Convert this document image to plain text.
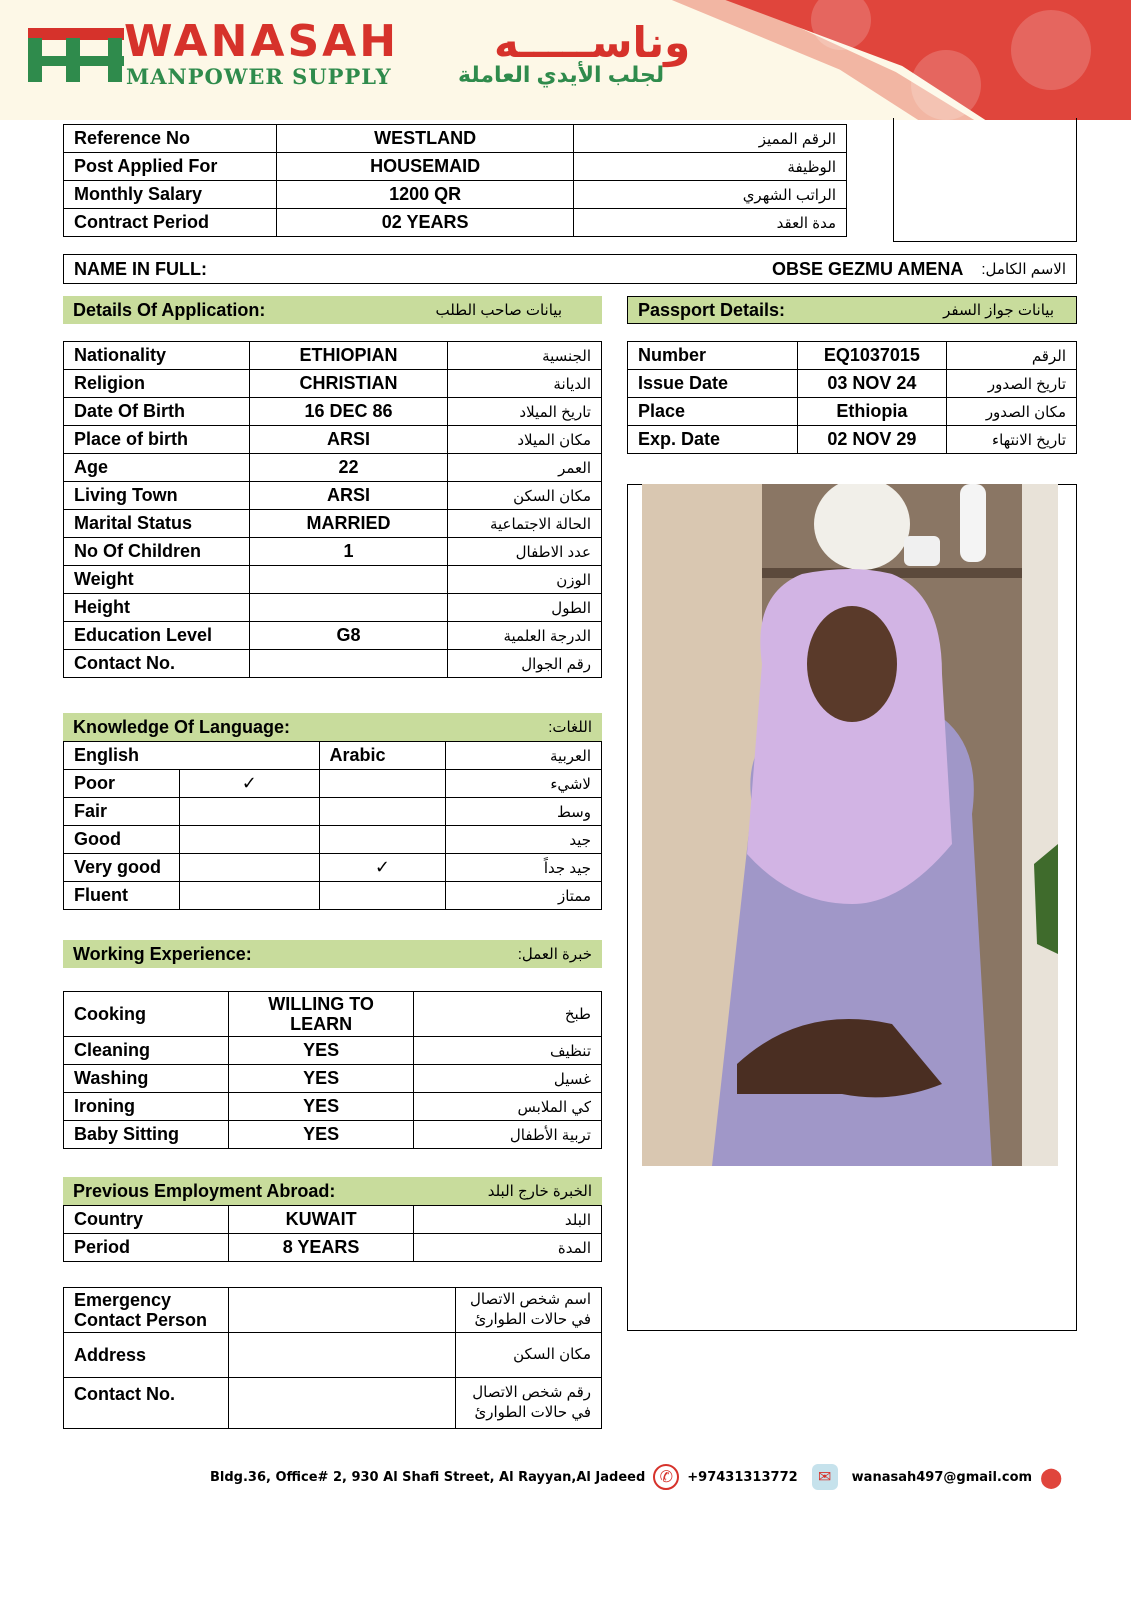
WANASAH وناســـــه
MANPOWER SUPPLY	لجلب الأيدي العاملة
Reference No	WESTLAND	الرقم المميز
Post Applied For	HOUSEMAID	الوظيفة
Monthly Salary	1200 QR	الراتب الشهري
Contract Period	02 YEARS	مدة العقد
NAME IN FULL:	OBSE GEZMU AMENA الاسم الكامل:
Details Of Application:	بيانات صاحب الطلب
Nationality	ETHIOPIAN	الجنسية
Religion	CHRISTIAN	الديانة
Date Of Birth	16 DEC 86	تاريخ الميلاد
Place of birth	ARSI	مكان الميلاد
Age	22	العمر
Living Town	ARSI	مكان السكن
Marital Status	MARRIED	الحالة الاجتماعية
No Of Children	1	عدد الاطفال
Weight		الوزن
Height		الطول
Education Level	G8	الدرجة العلمية
Contact No.		رقم الجوال
Passport Details:	بيانات جواز السفر
Number	EQ1037015	الرقم
Issue Date	03 NOV 24	تاريخ الصدور
Place	Ethiopia	مكان الصدور
Exp. Date	02 NOV 29	تاريخ الانتهاء
Knowledge Of Language:	اللغات:
English		Arabic	العربية
Poor	✓		لاشيء
Fair			وسط
Good			جيد
Very good		✓	جيد جداً
Fluent			ممتاز
Working Experience:	خبرة العمل:
Cooking	WILLING TO LEARN	طبخ
Cleaning	YES	تنظيف
Washing	YES	غسيل
Ironing	YES	كي الملابس
Baby Sitting	YES	تربية الأطفال
Previous Employment Abroad:	الخبرة خارج البلد
Country	KUWAIT	البلد
Period	8 YEARS	المدة
Emergency Contact Person		اسم شخص الاتصال في حالات الطوارئ
Address		مكان السكن
Contact No.		رقم شخص الاتصال في حالات الطوارئ
Bldg.36, Office# 2, 930 Al Shafi Street, Al Rayyan,Al Jadeed ✆	+97431313772	✉	wanasah497@gmail.com ⬤
